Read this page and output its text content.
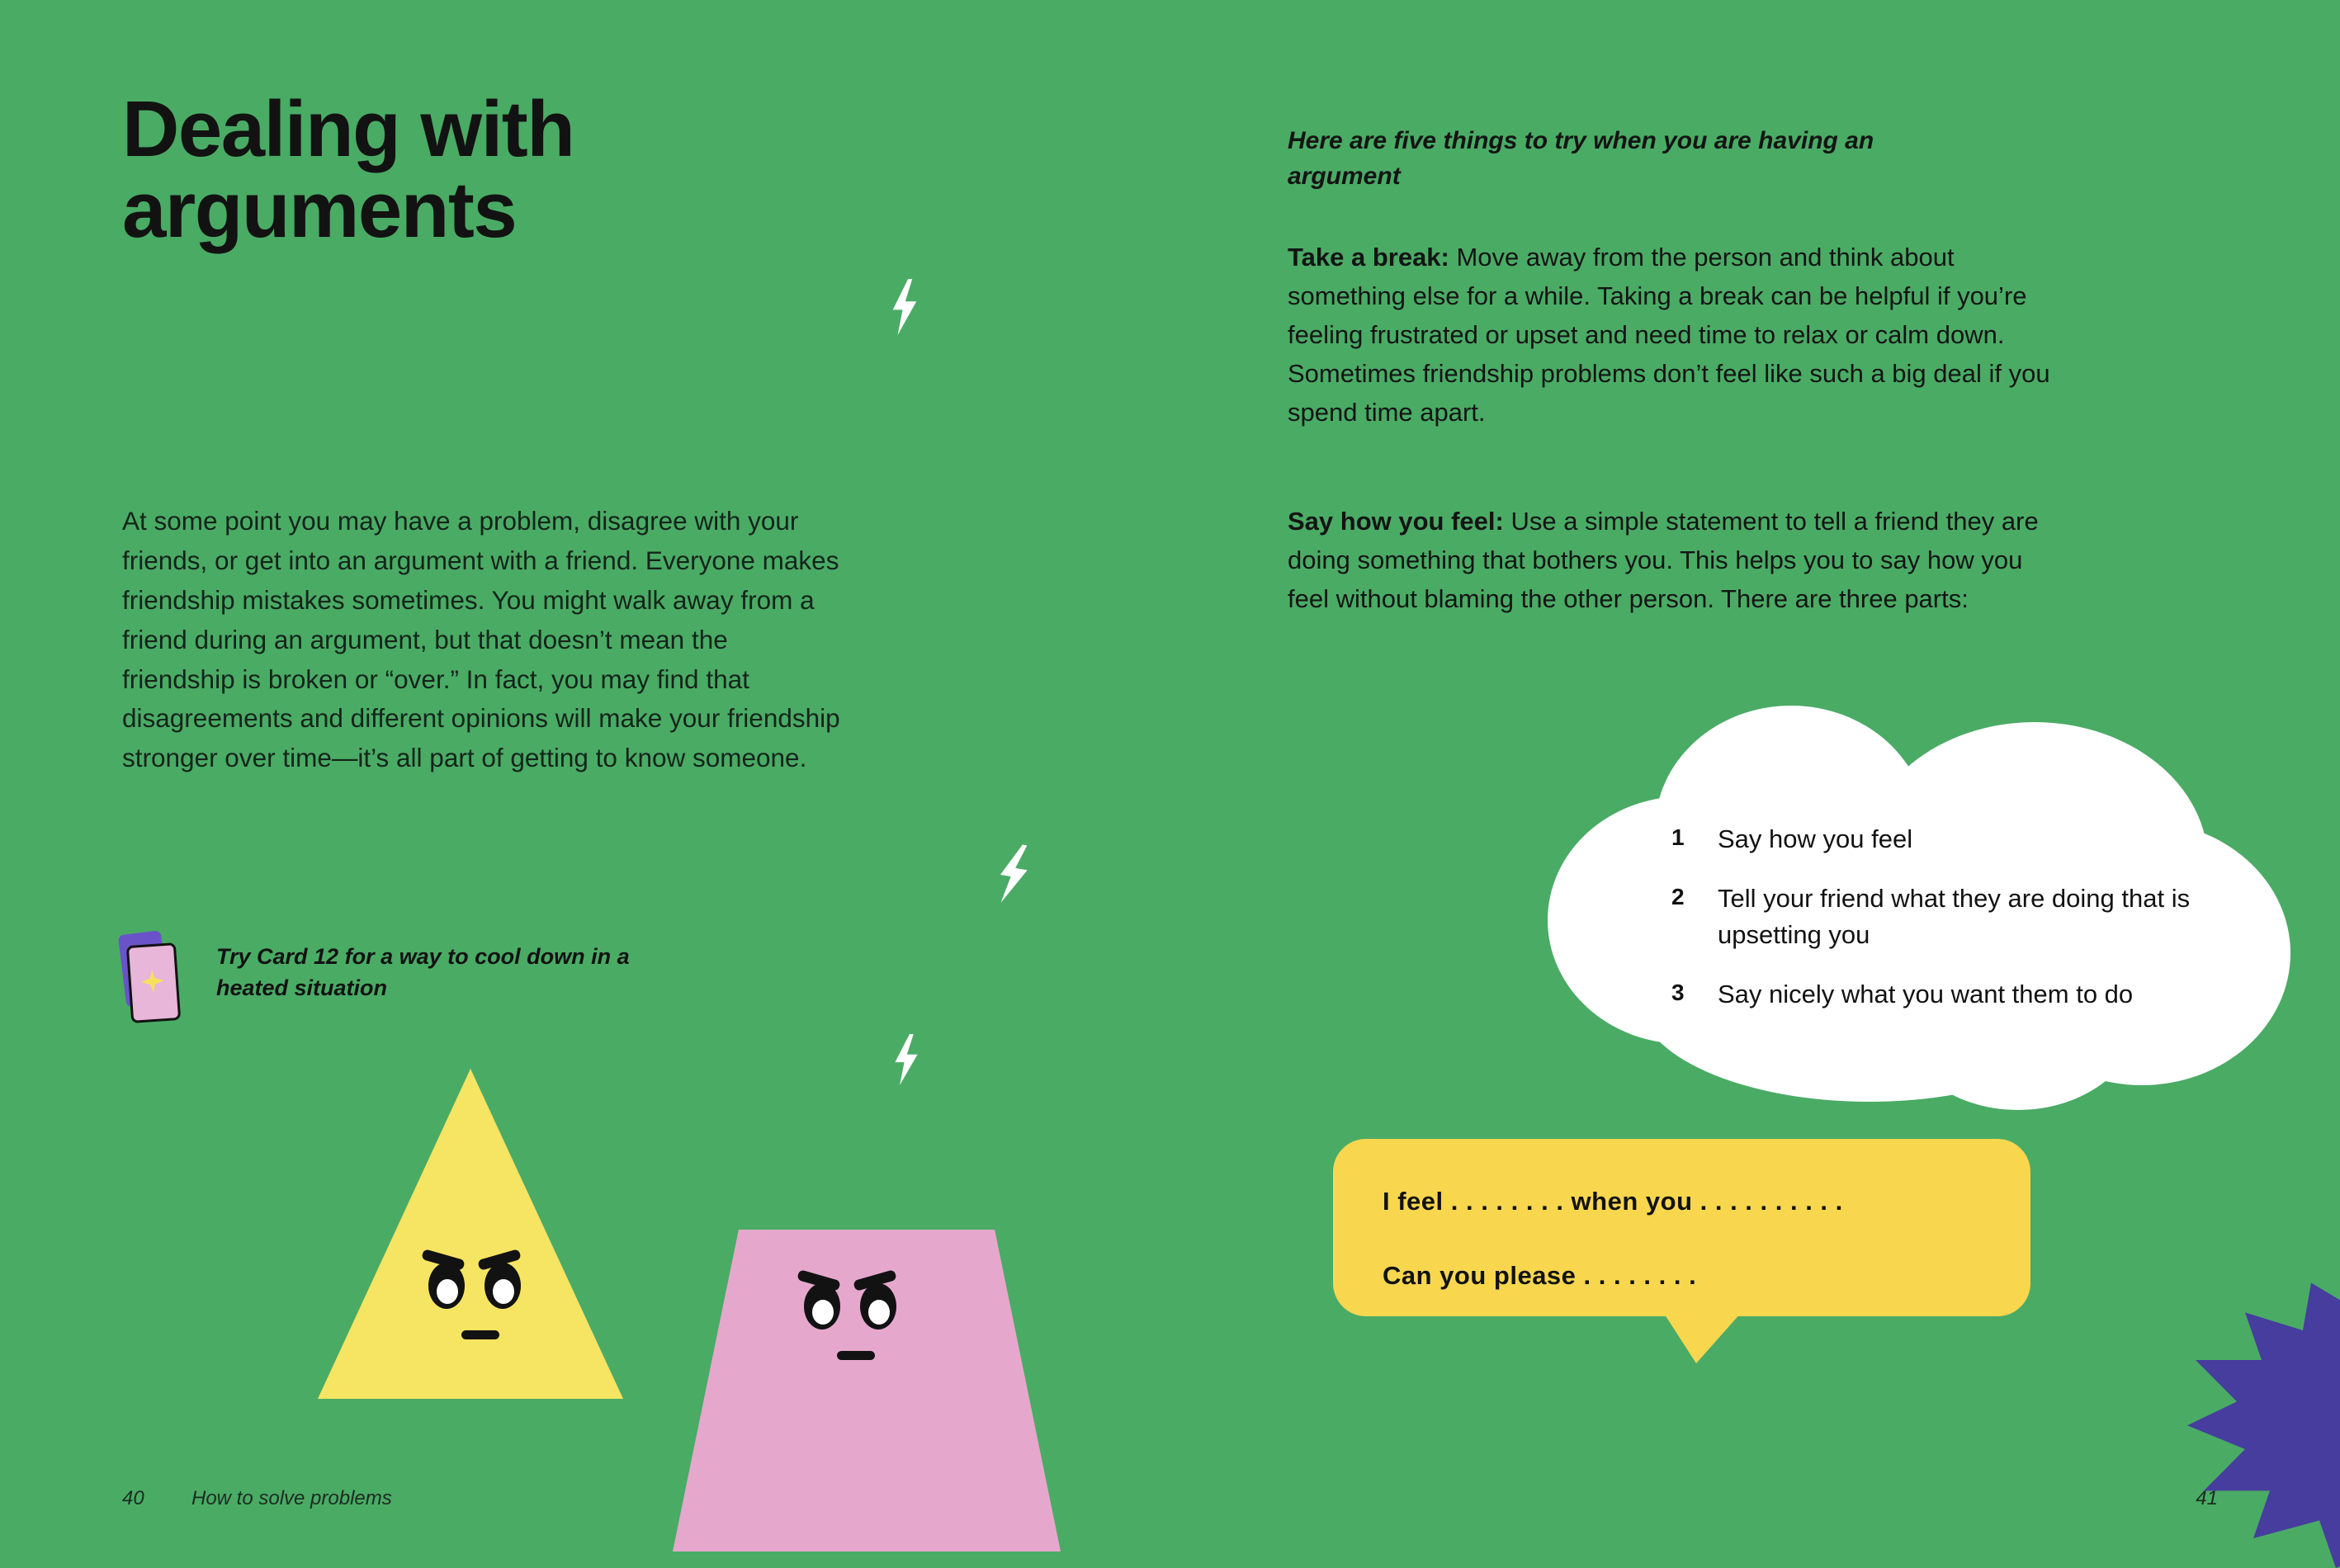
Dealing with arguments
At some point you may have a problem, disagree with your friends, or get into an argument with a friend. Everyone makes friendship mistakes sometimes. You might walk away from a friend during an argument, but that doesn’t mean the friendship is broken or “over.” In fact, you may find that disagreements and different opinions will make your friendship stronger over time—it’s all part of getting to know someone.
Try Card 12 for a way to cool down in a heated situation
40 How to solve problems
Here are five things to try when you are having an argument
Take a break: Move away from the person and think about something else for a while. Taking a break can be helpful if you’re feeling frustrated or upset and need time to relax or calm down. Sometimes friendship problems don’t feel like such a big deal if you spend time apart.
Say how you feel: Use a simple statement to tell a friend they are doing something that bothers you. This helps you to say how you feel without blaming the other person. There are three parts:
1	Say how you feel
2	Tell your friend what they are doing that is upsetting you
3	Say nicely what you want them to do
I feel . . . . . . . . when you . . . . . . . . . .
Can you please . . . . . . . .
41
